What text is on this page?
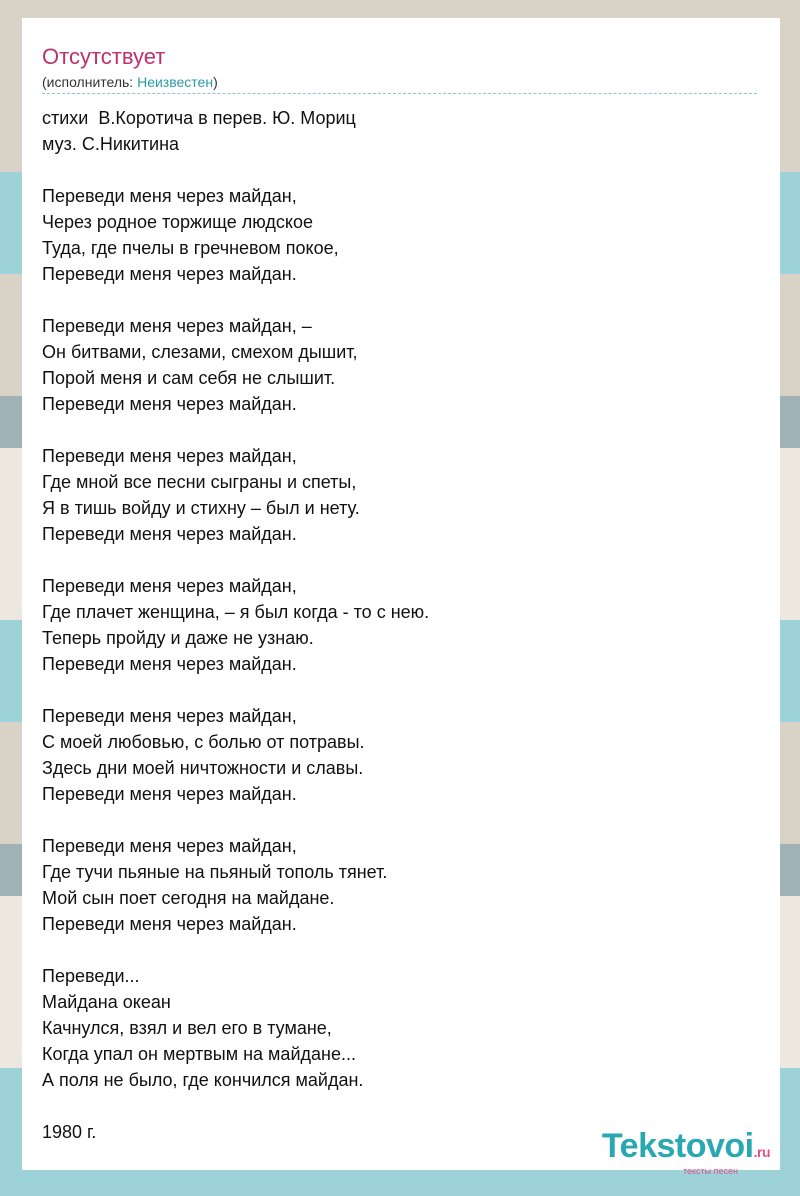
Отсутствует
(исполнитель: Неизвестен)
стихи  В.Коротича в перев. Ю. Мориц
муз. С.Никитина
Переведи меня через майдан,
Через родное торжище людское
Туда, где пчелы в гречневом покое,
Переведи меня через майдан.
Переведи меня через майдан, –
Он битвами, слезами, смехом дышит,
Порой меня и сам себя не слышит.
Переведи меня через майдан.
Переведи меня через майдан,
Где мной все песни сыграны и спеты,
Я в тишь войду и стихну – был и нету.
Переведи меня через майдан.
Переведи меня через майдан,
Где плачет женщина, – я был когда - то с нею.
Теперь пройду и даже не узнаю.
Переведи меня через майдан.
Переведи меня через майдан,
С моей любовью, с болью от потравы.
Здесь дни моей ничтожности и славы.
Переведи меня через майдан.
Переведи меня через майдан,
Где тучи пьяные на пьяный тополь тянет.
Мой сын поет сегодня на майдане.
Переведи меня через майдан.
Переведи...
Майдана океан
Качнулся, взял и вел его в тумане,
Когда упал он мертвым на майдане...
А поля не было, где кончился майдан.
1980 г.	Tekstovoi.ru
тексты песен
